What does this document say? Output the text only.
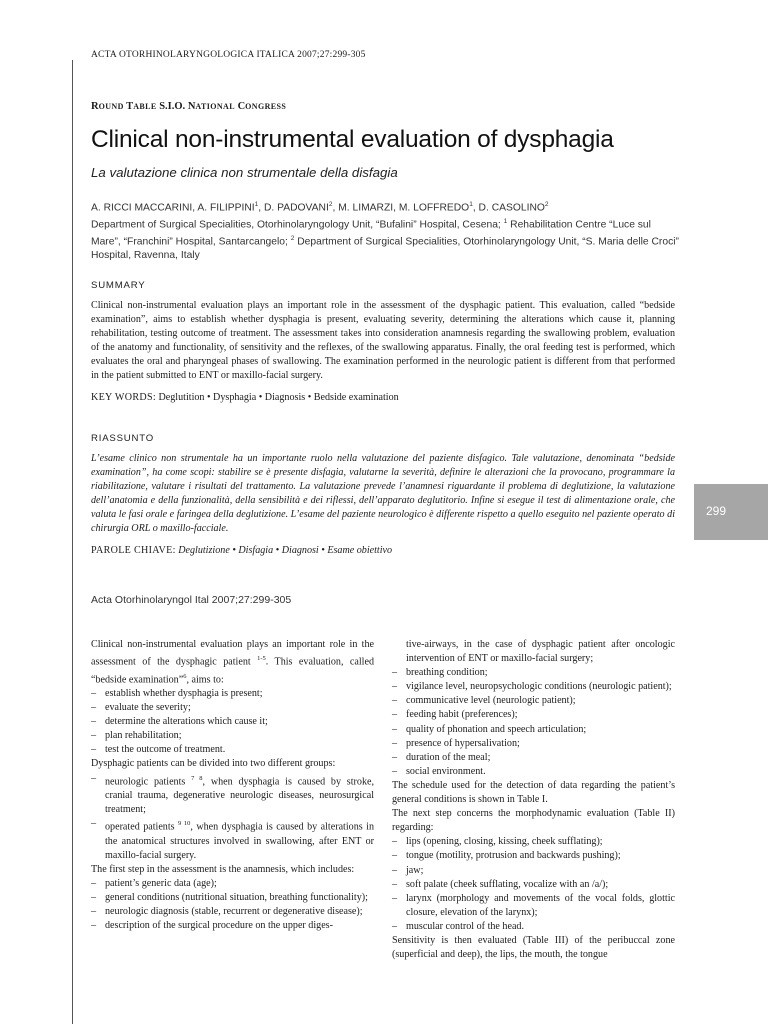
ACTA OTORHINOLARYNGOLOGICA ITALICA 2007;27:299-305
ROUND TABLE S.I.O. NATIONAL CONGRESS
Clinical non-instrumental evaluation of dysphagia
La valutazione clinica non strumentale della disfagia
A. RICCI MACCARINI, A. FILIPPINI$^1$, D. PADOVANI$^2$, M. LIMARZI, M. LOFFREDO$^1$, D. CASOLINO$^2$
Department of Surgical Specialities, Otorhinolaryngology Unit, “Bufalini” Hospital, Cesena; $^1$ Rehabilitation Centre “Luce sul Mare”, “Franchini” Hospital, Santarcangelo; $^2$ Department of Surgical Specialities, Otorhinolaryngology Unit, “S. Maria delle Croci” Hospital, Ravenna, Italy
SUMMARY
Clinical non-instrumental evaluation plays an important role in the assessment of the dysphagic patient. This evaluation, called “bedside examination”, aims to establish whether dysphagia is present, evaluating severity, determining the alterations which cause it, planning rehabilitation, testing outcome of treatment. The assessment takes into consideration anamnesis regarding the swallowing problem, evaluation of the anatomy and functionality, of sensitivity and the reflexes, of the swallowing apparatus. Finally, the oral feeding test is performed, which evaluates the oral and pharyngeal phases of swallowing. The examination performed in the neurologic patient is different from that performed in the patient submitted to ENT or maxillo-facial surgery.
KEY WORDS: Deglutition • Dysphagia • Diagnosis • Bedside examination
RIASSUNTO
L’esame clinico non strumentale ha un importante ruolo nella valutazione del paziente disfagico. Tale valutazione, denominata “bedside examination”, ha come scopi: stabilire se è presente disfagia, valutarne la severità, definire le alterazioni che la provocano, programmare la riabilitazione, valutare i risultati del trattamento. La valutazione prevede l’anamnesi riguardante il problema di deglutizione, la valutazione dell’anatomia e della funzionalità, della sensibilità e dei riflessi, dell’apparato deglutitorio. Infine si esegue il test di alimentazione orale, che valuta le fasi orale e faringea della deglutizione. L’esame del paziente neurologico è differente rispetto a quello eseguito nel paziente operato di chirurgia ORL o maxillo-facciale.
PAROLE CHIAVE: Deglutizione • Disfagia • Diagnosi • Esame obiettivo
299
Acta Otorhinolaryngol Ital 2007;27:299-305

Clinical non-instrumental evaluation plays an important role in the assessment of the dysphagic patient $^{1-5}$. This evaluation, called “bedside examination”$^6$, aims to:

– establish whether dysphagia is present;
– evaluate the severity;
– determine the alterations which cause it;
– plan rehabilitation;
– test the outcome of treatment.

Dysphagic patients can be divided into two different groups:

– neurologic patients $^{7 8}$, when dysphagia is caused by stroke, cranial trauma, degenerative neurologic diseases, neurosurgical treatment;
– operated patients $^{9 10}$, when dysphagia is caused by alterations in the anatomical structures involved in swallowing, after ENT or maxillo-facial surgery.

The first step in the assessment is the anamnesis, which includes:

– patient’s generic data (age);
– general conditions (nutritional situation, breathing functionality);
– neurologic diagnosis (stable, recurrent or degenerative disease);
– description of the surgical procedure on the upper diges-

tive-airways, in the case of dysphagic patient after oncologic intervention of ENT or maxillo-facial surgery;

– breathing condition;
– vigilance level, neuropsychologic conditions (neurologic patient);
– communicative level (neurologic patient);
– feeding habit (preferences);
– quality of phonation and speech articulation;
– presence of hypersalivation;
– duration of the meal;
– social environment.

The schedule used for the detection of data regarding the patient’s general conditions is shown in Table I.

The next step concerns the morphodynamic evaluation (Table II) regarding:

– lips (opening, closing, kissing, cheek sufflating);
– tongue (motility, protrusion and backwards pushing);
– jaw;
– soft palate (cheek sufflating, vocalize with an /a/);
– larynx (morphology and movements of the vocal folds, glottic closure, elevation of the larynx);
– muscular control of the head.

Sensitivity is then evaluated (Table III) of the peribuccal zone (superficial and deep), the lips, the mouth, the tongue
